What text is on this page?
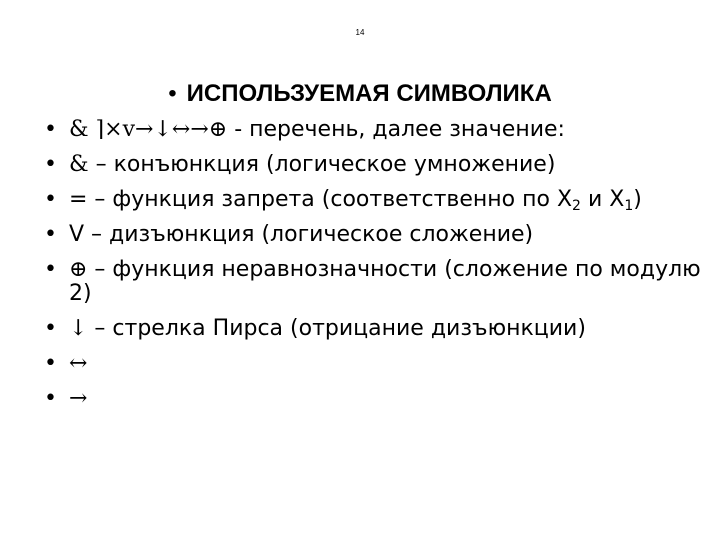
14
• ИСПОЛЬЗУЕМАЯ СИМВОЛИКА
• & ⌉×v→↓↔→⊕ - перечень, далее значение:
• & – конъюнкция (логическое умножение)
• = – функция запрета (соответственно по $X_2$ и $X_1$)
• V – дизъюнкция (логическое сложение)
• ⊕ – функция неравнозначности (сложение по модулю 2)
• ↓ – стрелка Пирса (отрицание дизъюнкции)
• ↔
• →
